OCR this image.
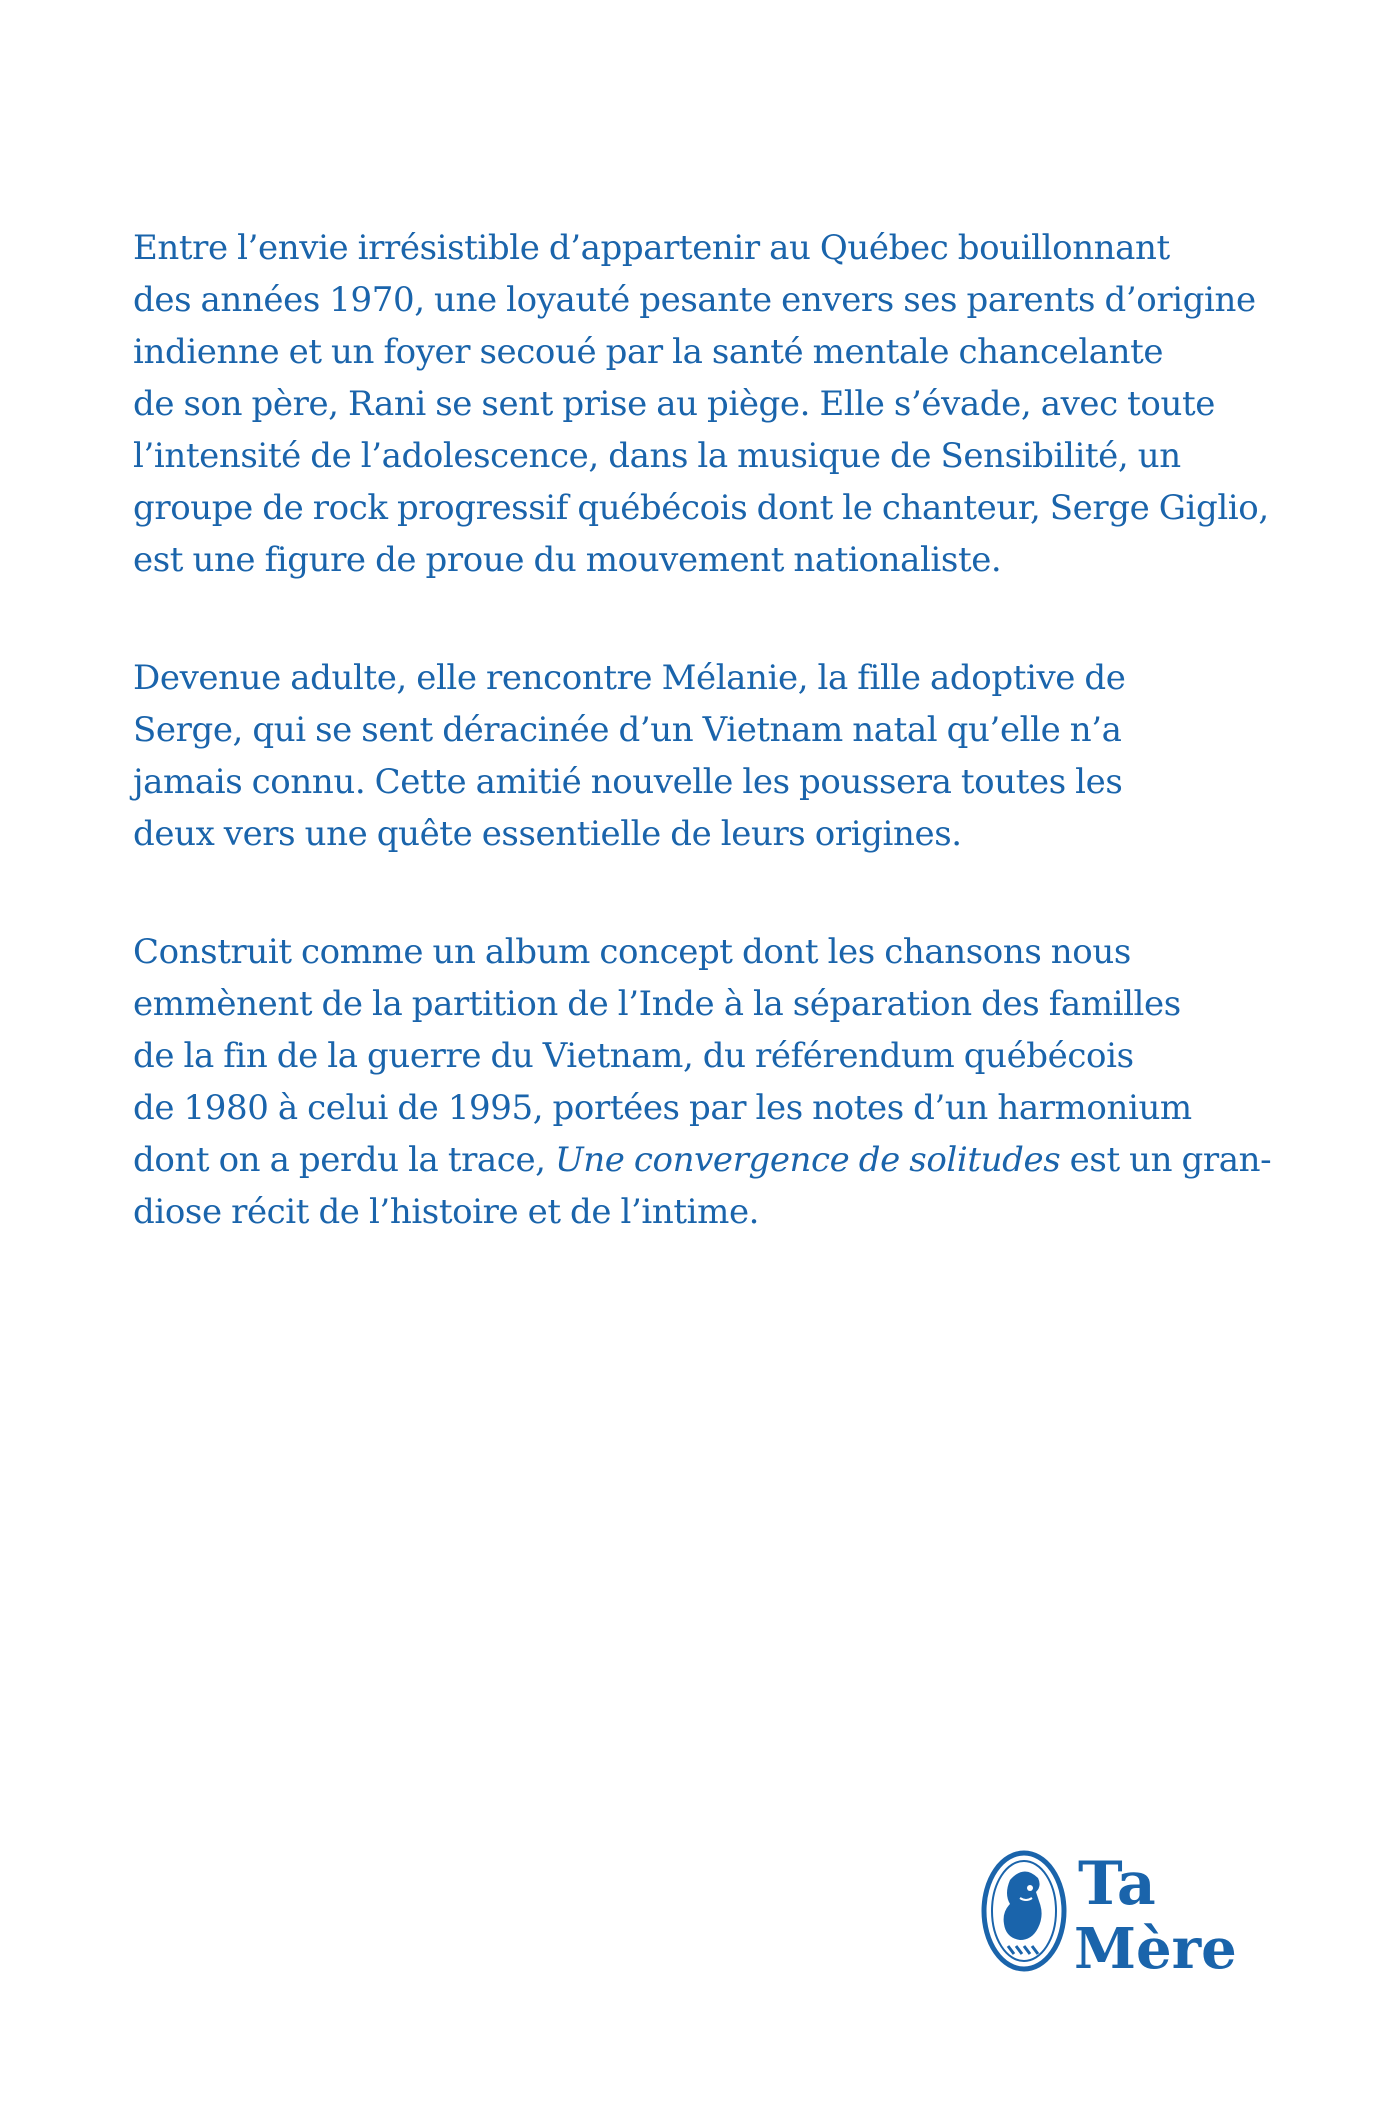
Entre l’envie irrésistible d’appartenir au Québec bouillonnant
des années 1970, une loyauté pesante envers ses parents d’origine
indienne et un foyer secoué par la santé mentale chancelante
de son père, Rani se sent prise au piège. Elle s’évade, avec toute
l’intensité de l’adolescence, dans la musique de Sensibilité, un
groupe de rock progressif québécois dont le chanteur, Serge Giglio,
est une figure de proue du mouvement nationaliste.

Devenue adulte, elle rencontre Mélanie, la fille adoptive de
Serge, qui se sent déracinée d’un Vietnam natal qu’elle n’a
jamais connu. Cette amitié nouvelle les poussera toutes les
deux vers une quête essentielle de leurs origines.

Construit comme un album concept dont les chansons nous
emmènent de la partition de l’Inde à la séparation des familles
de la fin de la guerre du Vietnam, du référendum québécois
de 1980 à celui de 1995, portées par les notes d’un harmonium
dont on a perdu la trace, Une convergence de solitudes est un gran-
diose récit de l’histoire et de l’intime.

Ta
Mère
